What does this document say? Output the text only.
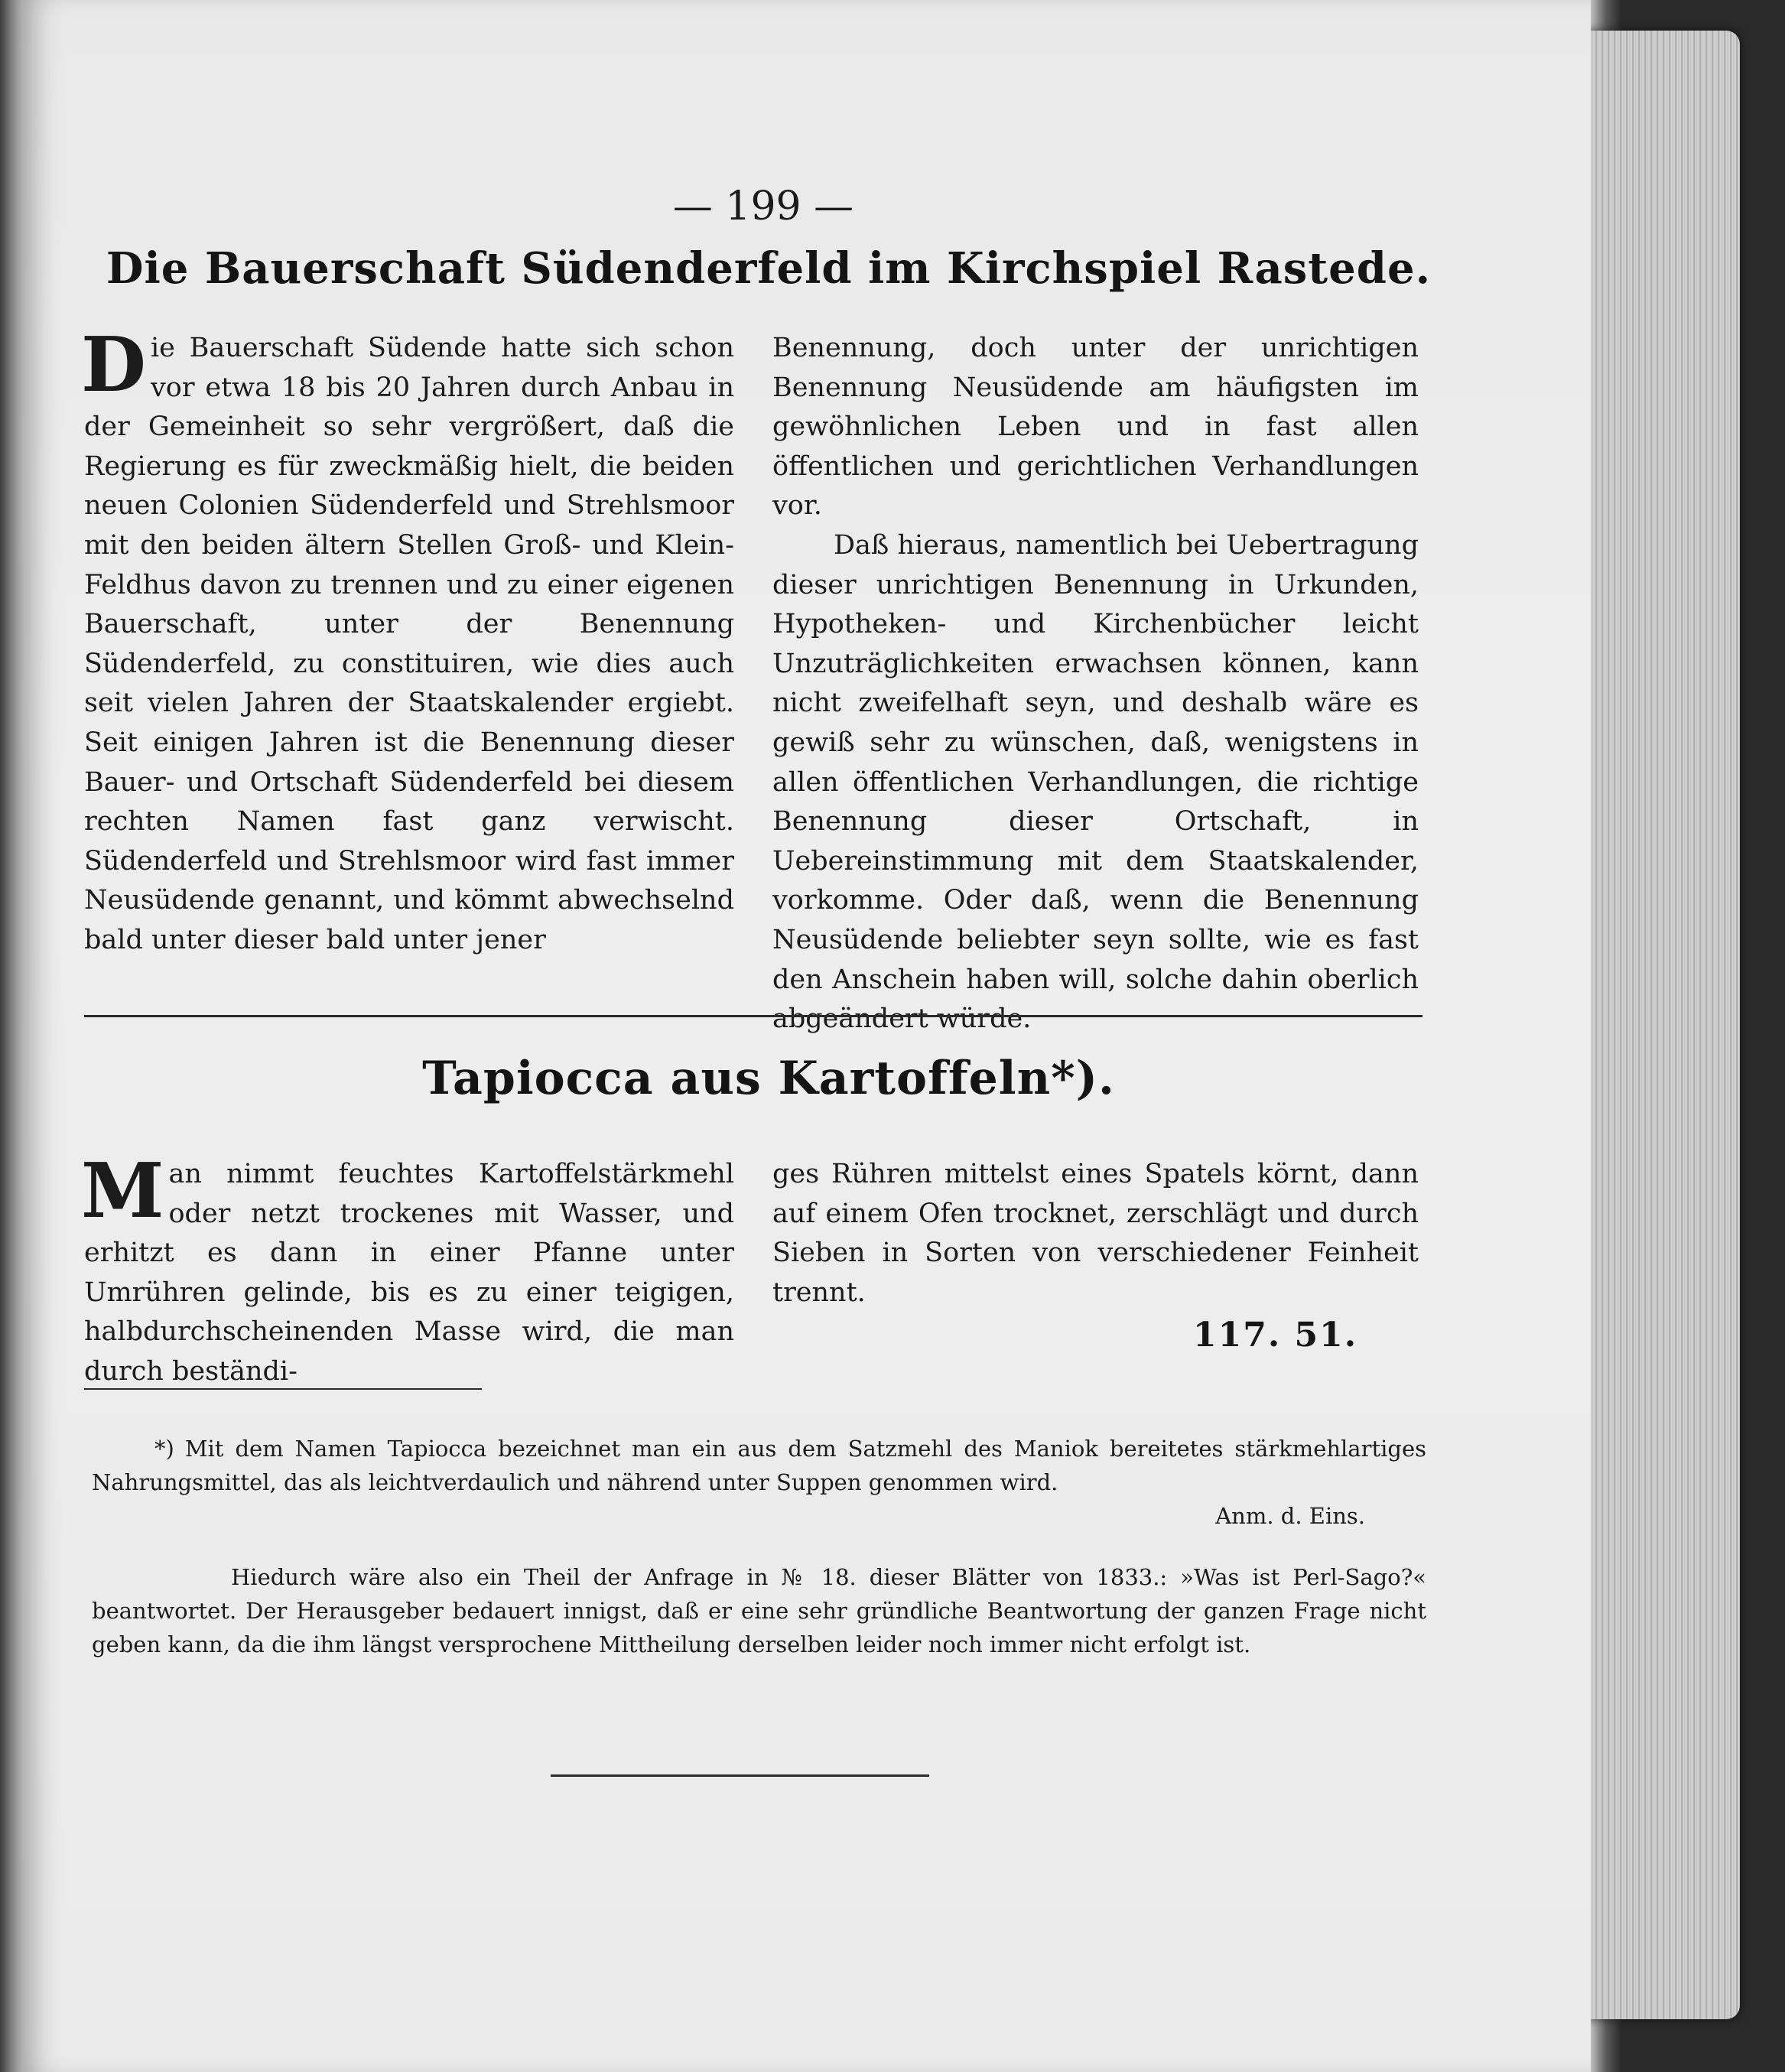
— 199 —
Die Bauerschaft Südenderfeld im Kirchspiel Rastede.

Die Bauerschaft Südende hatte sich schon vor etwa 18 bis 20 Jahren durch Anbau in der Gemeinheit so sehr vergrößert, daß die Regierung es für zweckmäßig hielt, die beiden neuen Colonien Südenderfeld und Strehlsmoor mit den beiden ältern Stellen Groß- und Klein-Feldhus davon zu trennen und zu einer eigenen Bauerschaft, unter der Benennung Südenderfeld, zu constituiren, wie dies auch seit vielen Jahren der Staatskalender ergiebt. Seit einigen Jahren ist die Benennung dieser Bauer- und Ortschaft Südenderfeld bei diesem rechten Namen fast ganz verwischt. Südenderfeld und Strehlsmoor wird fast immer Neusüdende genannt, und kömmt abwechselnd bald unter dieser bald unter jener

Benennung, doch unter der unrichtigen Benennung Neusüdende am häufigsten im gewöhnlichen Leben und in fast allen öffentlichen und gerichtlichen Verhandlungen vor.

Daß hieraus, namentlich bei Uebertragung dieser unrichtigen Benennung in Urkunden, Hypotheken- und Kirchenbücher leicht Unzuträglichkeiten erwachsen können, kann nicht zweifelhaft seyn, und deshalb wäre es gewiß sehr zu wünschen, daß, wenigstens in allen öffentlichen Verhandlungen, die richtige Benennung dieser Ortschaft, in Uebereinstimmung mit dem Staatskalender, vorkomme. Oder daß, wenn die Benennung Neusüdende beliebter seyn sollte, wie es fast den Anschein haben will, solche dahin oberlich abgeändert würde.

Tapiocca aus Kartoffeln*).

Man nimmt feuchtes Kartoffelstärkmehl oder netzt trockenes mit Wasser, und erhitzt es dann in einer Pfanne unter Umrühren gelinde, bis es zu einer teigigen, halbdurchscheinenden Masse wird, die man durch beständi-

ges Rühren mittelst eines Spatels körnt, dann auf einem Ofen trocknet, zerschlägt und durch Sieben in Sorten von verschiedener Feinheit trennt.

117. 51.
*) Mit dem Namen Tapiocca bezeichnet man ein aus dem Satzmehl des Maniok bereitetes stärkmehlartiges Nahrungsmittel, das als leichtverdaulich und nährend unter Suppen genommen wird.
Anm. d. Eins.
Hiedurch wäre also ein Theil der Anfrage in № 18. dieser Blätter von 1833.: »Was ist Perl-Sago?« beantwortet. Der Herausgeber bedauert innigst, daß er eine sehr gründliche Beantwortung der ganzen Frage nicht geben kann, da die ihm längst versprochene Mittheilung derselben leider noch immer nicht erfolgt ist.
